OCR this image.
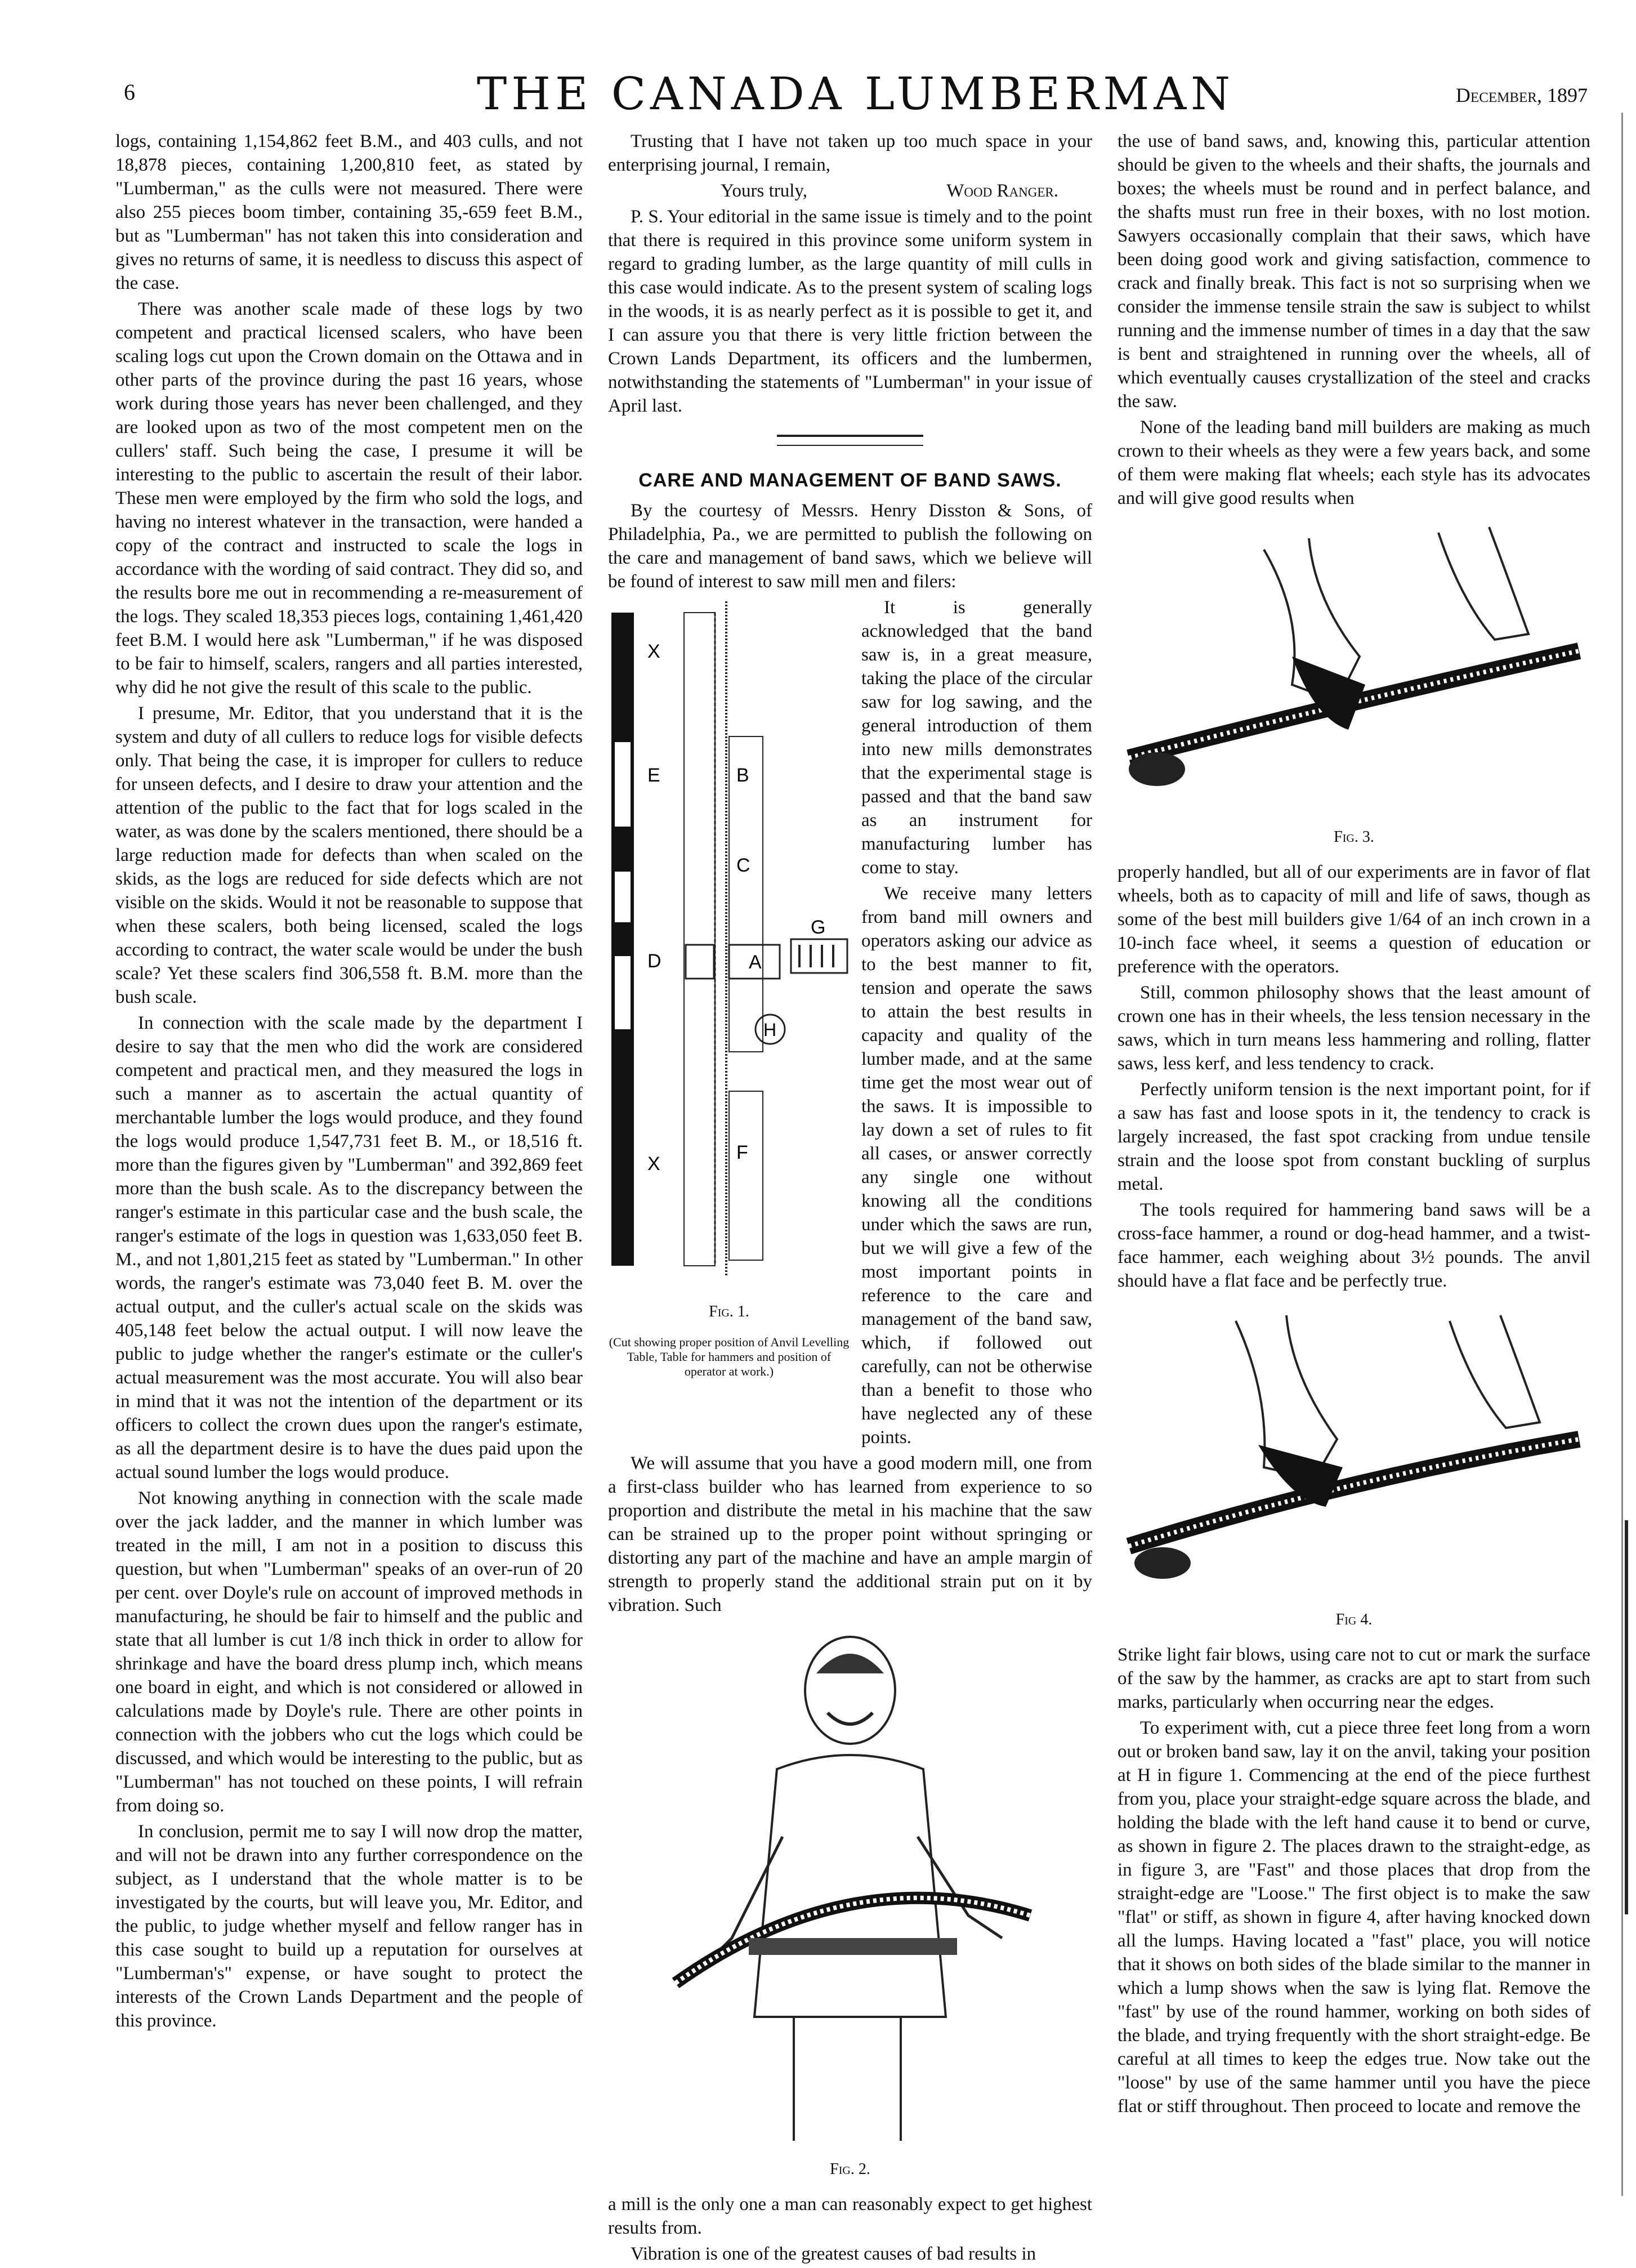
6	THE CANADA LUMBERMAN	December, 1897

logs, containing 1,154,862 feet B.M., and 403 culls, and not 18,878 pieces, containing 1,200,810 feet, as stated by "Lumberman," as the culls were not measured. There were also 255 pieces boom timber, containing 35,-659 feet B.M., but as "Lumberman" has not taken this into consideration and gives no returns of same, it is needless to discuss this aspect of the case.

There was another scale made of these logs by two competent and practical licensed scalers, who have been scaling logs cut upon the Crown domain on the Ottawa and in other parts of the province during the past 16 years, whose work during those years has never been challenged, and they are looked upon as two of the most competent men on the cullers' staff. Such being the case, I presume it will be interesting to the public to ascertain the result of their labor. These men were employed by the firm who sold the logs, and having no interest whatever in the transaction, were handed a copy of the contract and instructed to scale the logs in accordance with the wording of said contract. They did so, and the results bore me out in recommending a re-measurement of the logs. They scaled 18,353 pieces logs, containing 1,461,420 feet B.M. I would here ask "Lumberman," if he was disposed to be fair to himself, scalers, rangers and all parties interested, why did he not give the result of this scale to the public.

I presume, Mr. Editor, that you understand that it is the system and duty of all cullers to reduce logs for visible defects only. That being the case, it is improper for cullers to reduce for unseen defects, and I desire to draw your attention and the attention of the public to the fact that for logs scaled in the water, as was done by the scalers mentioned, there should be a large reduction made for defects than when scaled on the skids, as the logs are reduced for side defects which are not visible on the skids. Would it not be reasonable to suppose that when these scalers, both being licensed, scaled the logs according to contract, the water scale would be under the bush scale? Yet these scalers find 306,558 ft. B.M. more than the bush scale.

In connection with the scale made by the department I desire to say that the men who did the work are considered competent and practical men, and they measured the logs in such a manner as to ascertain the actual quantity of merchantable lumber the logs would produce, and they found the logs would produce 1,547,731 feet B. M., or 18,516 ft. more than the figures given by "Lumberman" and 392,869 feet more than the bush scale. As to the discrepancy between the ranger's estimate in this particular case and the bush scale, the ranger's estimate of the logs in question was 1,633,050 feet B. M., and not 1,801,215 feet as stated by "Lumberman." In other words, the ranger's estimate was 73,040 feet B. M. over the actual output, and the culler's actual scale on the skids was 405,148 feet below the actual output. I will now leave the public to judge whether the ranger's estimate or the culler's actual measurement was the most accurate. You will also bear in mind that it was not the intention of the department or its officers to collect the crown dues upon the ranger's estimate, as all the department desire is to have the dues paid upon the actual sound lumber the logs would produce.

Not knowing anything in connection with the scale made over the jack ladder, and the manner in which lumber was treated in the mill, I am not in a position to discuss this question, but when "Lumberman" speaks of an over-run of 20 per cent. over Doyle's rule on account of improved methods in manufacturing, he should be fair to himself and the public and state that all lumber is cut 1/8 inch thick in order to allow for shrinkage and have the board dress plump inch, which means one board in eight, and which is not considered or allowed in calculations made by Doyle's rule. There are other points in connection with the jobbers who cut the logs which could be discussed, and which would be interesting to the public, but as "Lumberman" has not touched on these points, I will refrain from doing so.

In conclusion, permit me to say I will now drop the matter, and will not be drawn into any further correspondence on the subject, as I understand that the whole matter is to be investigated by the courts, but will leave you, Mr. Editor, and the public, to judge whether myself and fellow ranger has in this case sought to build up a reputation for ourselves at "Lumberman's" expense, or have sought to protect the interests of the Crown Lands Department and the people of this province.

Trusting that I have not taken up too much space in your enterprising journal, I remain,

Yours truly,	Wood Ranger.

P. S. Your editorial in the same issue is timely and to the point that there is required in this province some uniform system in regard to grading lumber, as the large quantity of mill culls in this case would indicate. As to the present system of scaling logs in the woods, it is as nearly perfect as it is possible to get it, and I can assure you that there is very little friction between the Crown Lands Department, its officers and the lumbermen, notwithstanding the statements of "Lumberman" in your issue of April last.

CARE AND MANAGEMENT OF BAND SAWS.

By the courtesy of Messrs. Henry Disston & Sons, of Philadelphia, Pa., we are permitted to publish the following on the care and management of band saws, which we believe will be found of interest to saw mill men and filers:

X
E
D
X
B
C
A
G
H
F
Fig. 1.
(Cut showing proper position of Anvil Levelling Table, Table for hammers and position of operator at work.)

It is generally acknowledged that the band saw is, in a great measure, taking the place of the circular saw for log sawing, and the general introduction of them into new mills demonstrates that the experimental stage is passed and that the band saw as an instrument for manufacturing lumber has come to stay.

We receive many letters from band mill owners and operators asking our advice as to the best manner to fit, tension and operate the saws to attain the best results in capacity and quality of the lumber made, and at the same time get the most wear out of the saws. It is impossible to lay down a set of rules to fit all cases, or answer correctly any single one without knowing all the conditions under which the saws are run, but we will give a few of the most important points in reference to the care and management of the band saw, which, if followed out carefully, can not be otherwise than a benefit to those who have neglected any of these points.

We will assume that you have a good modern mill, one from a first-class builder who has learned from experience to so proportion and distribute the metal in his machine that the saw can be strained up to the proper point without springing or distorting any part of the machine and have an ample margin of strength to properly stand the additional strain put on it by vibration. Such

Fig. 2.

a mill is the only one a man can reasonably expect to get highest results from.

Vibration is one of the greatest causes of bad results in

the use of band saws, and, knowing this, particular attention should be given to the wheels and their shafts, the journals and boxes; the wheels must be round and in perfect balance, and the shafts must run free in their boxes, with no lost motion. Sawyers occasionally complain that their saws, which have been doing good work and giving satisfaction, commence to crack and finally break. This fact is not so surprising when we consider the immense tensile strain the saw is subject to whilst running and the immense number of times in a day that the saw is bent and straightened in running over the wheels, all of which eventually causes crystallization of the steel and cracks the saw.

None of the leading band mill builders are making as much crown to their wheels as they were a few years back, and some of them were making flat wheels; each style has its advocates and will give good results when

Fig. 3.

properly handled, but all of our experiments are in favor of flat wheels, both as to capacity of mill and life of saws, though as some of the best mill builders give 1/64 of an inch crown in a 10-inch face wheel, it seems a question of education or preference with the operators.

Still, common philosophy shows that the least amount of crown one has in their wheels, the less tension necessary in the saws, which in turn means less hammering and rolling, flatter saws, less kerf, and less tendency to crack.

Perfectly uniform tension is the next important point, for if a saw has fast and loose spots in it, the tendency to crack is largely increased, the fast spot cracking from undue tensile strain and the loose spot from constant buckling of surplus metal.

The tools required for hammering band saws will be a cross-face hammer, a round or dog-head hammer, and a twist-face hammer, each weighing about 3½ pounds. The anvil should have a flat face and be perfectly true.

Fig 4.

Strike light fair blows, using care not to cut or mark the surface of the saw by the hammer, as cracks are apt to start from such marks, particularly when occurring near the edges.

To experiment with, cut a piece three feet long from a worn out or broken band saw, lay it on the anvil, taking your position at H in figure 1. Commencing at the end of the piece furthest from you, place your straight-edge square across the blade, and holding the blade with the left hand cause it to bend or curve, as shown in figure 2. The places drawn to the straight-edge, as in figure 3, are "Fast" and those places that drop from the straight-edge are "Loose." The first object is to make the saw "flat" or stiff, as shown in figure 4, after having knocked down all the lumps. Having located a "fast" place, you will notice that it shows on both sides of the blade similar to the manner in which a lump shows when the saw is lying flat. Remove the "fast" by use of the round hammer, working on both sides of the blade, and trying frequently with the short straight-edge. Be careful at all times to keep the edges true. Now take out the "loose" by use of the same hammer until you have the piece flat or stiff throughout. Then proceed to locate and remove the
